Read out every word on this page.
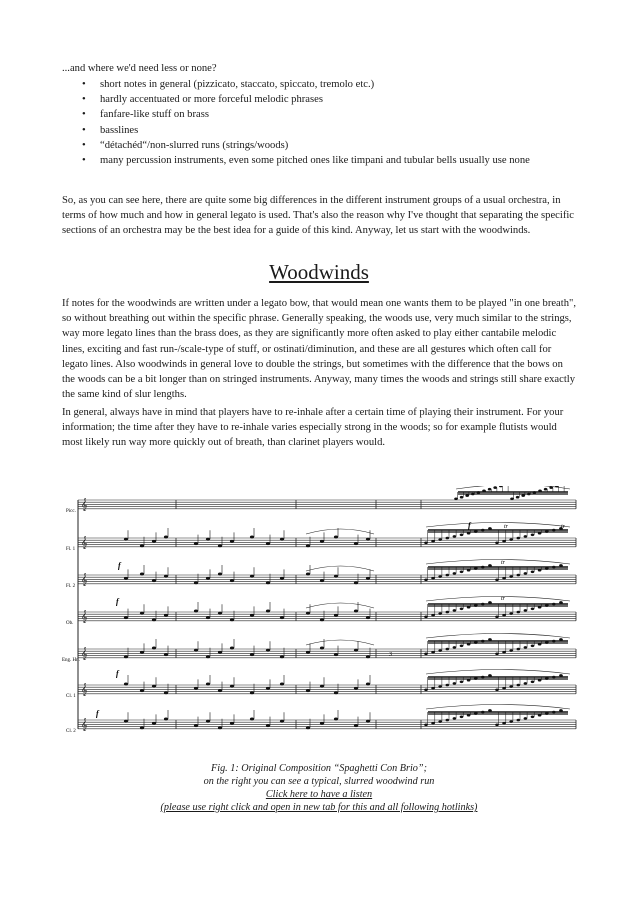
...and where we'd need less or none?
• short notes in general (pizzicato, staccato, spiccato, tremolo etc.)
• hardly accentuated or more forceful melodic phrases
• fanfare-like stuff on brass
• basslines
• “détachéd“/non-slurred runs (strings/woods)
• many percussion instruments, even some pitched ones like timpani and tubular bells usually use none

So, as you can see here, there are quite some big differences in the different instrument groups of a usual orchestra, in terms of how much and how in general legato is used. That's also the reason why I've thought that separating the specific sections of an orchestra may be the best idea for a guide of this kind. Anyway, let us start with the woodwinds.

Woodwinds

If notes for the woodwinds are written under a legato bow, that would mean one wants them to be played "in one breath", so without breathing out within the specific phrase. Generally speaking, the woods use, very much similar to the strings, way more legato lines than the brass does, as they are significantly more often asked to play either cantabile melodic lines, exciting and fast run-/scale-type of stuff, or ostinati/diminution, and these are all gestures which often call for legato lines. Also woodwinds in general love to double the strings, but sometimes with the difference that the bows on the woods can be a bit longer than on stringed instruments. Anyway, many times the woods and strings still share exactly the same kind of slur lengths.

In general, always have in mind that players have to re-inhale after a certain time of playing their instrument. For your information; the time after they have to re-inhale varies especially strong in the woods; so for example flutists would most likely run way more quickly out of breath, than clarinet players would.

𝄞
𝄞
𝄞
𝄞
𝄞
𝄞
𝄞
Picc.
Fl. 1
Fl. 2
Ob.
Eng. Hn.
Cl. 1
Cl. 2
f
f
f
f
f
tr	tr
tr
tr
3
Fig. 1: Original Composition “Spaghetti Con Brio”;
on the right you can see a typical, slurred woodwind run
Click here to have a listen
(please use right click and open in new tab for this and all following hotlinks)
